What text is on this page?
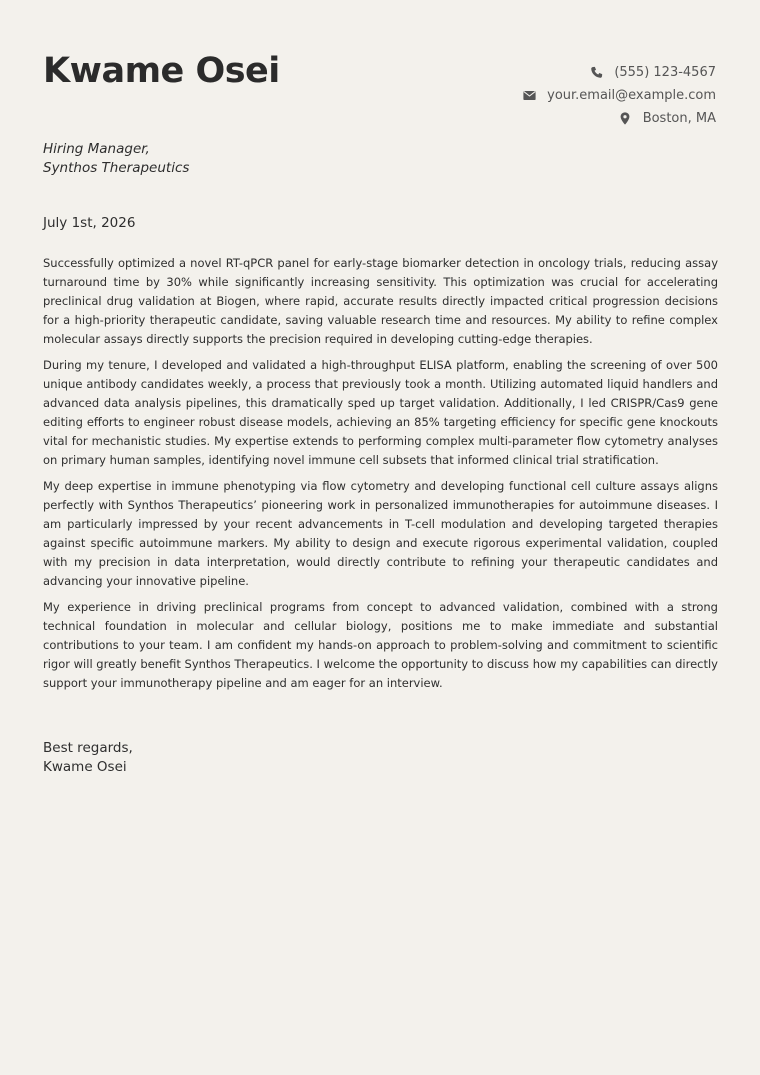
Kwame Osei	(555) 123-4567
your.email@example.com
Boston, MA
Hiring Manager,
Synthos Therapeutics
July 1st, 2026

Successfully optimized a novel RT-qPCR panel for early-stage biomarker detection in oncology trials, reducing assay turnaround time by 30% while significantly increasing sensitivity. This optimization was crucial for accelerating preclinical drug validation at Biogen, where rapid, accurate results directly impacted critical progression decisions for a high-priority therapeutic candidate, saving valuable research time and resources. My ability to refine complex molecular assays directly supports the precision required in developing cutting-edge therapies.

During my tenure, I developed and validated a high-throughput ELISA platform, enabling the screening of over 500 unique antibody candidates weekly, a process that previously took a month. Utilizing automated liquid handlers and advanced data analysis pipelines, this dramatically sped up target validation. Additionally, I led CRISPR/Cas9 gene editing efforts to engineer robust disease models, achieving an 85% targeting efficiency for specific gene knockouts vital for mechanistic studies. My expertise extends to performing complex multi-parameter flow cytometry analyses on primary human samples, identifying novel immune cell subsets that informed clinical trial stratification.

My deep expertise in immune phenotyping via flow cytometry and developing functional cell culture assays aligns perfectly with Synthos Therapeutics’ pioneering work in personalized immunotherapies for autoimmune diseases. I am particularly impressed by your recent advancements in T-cell modulation and developing targeted therapies against specific autoimmune markers. My ability to design and execute rigorous experimental validation, coupled with my precision in data interpretation, would directly contribute to refining your therapeutic candidates and advancing your innovative pipeline.

My experience in driving preclinical programs from concept to advanced validation, combined with a strong technical foundation in molecular and cellular biology, positions me to make immediate and substantial contributions to your team. I am confident my hands-on approach to problem-solving and commitment to scientific rigor will greatly benefit Synthos Therapeutics. I welcome the opportunity to discuss how my capabilities can directly support your immunotherapy pipeline and am eager for an interview.

Best regards,
Kwame Osei
